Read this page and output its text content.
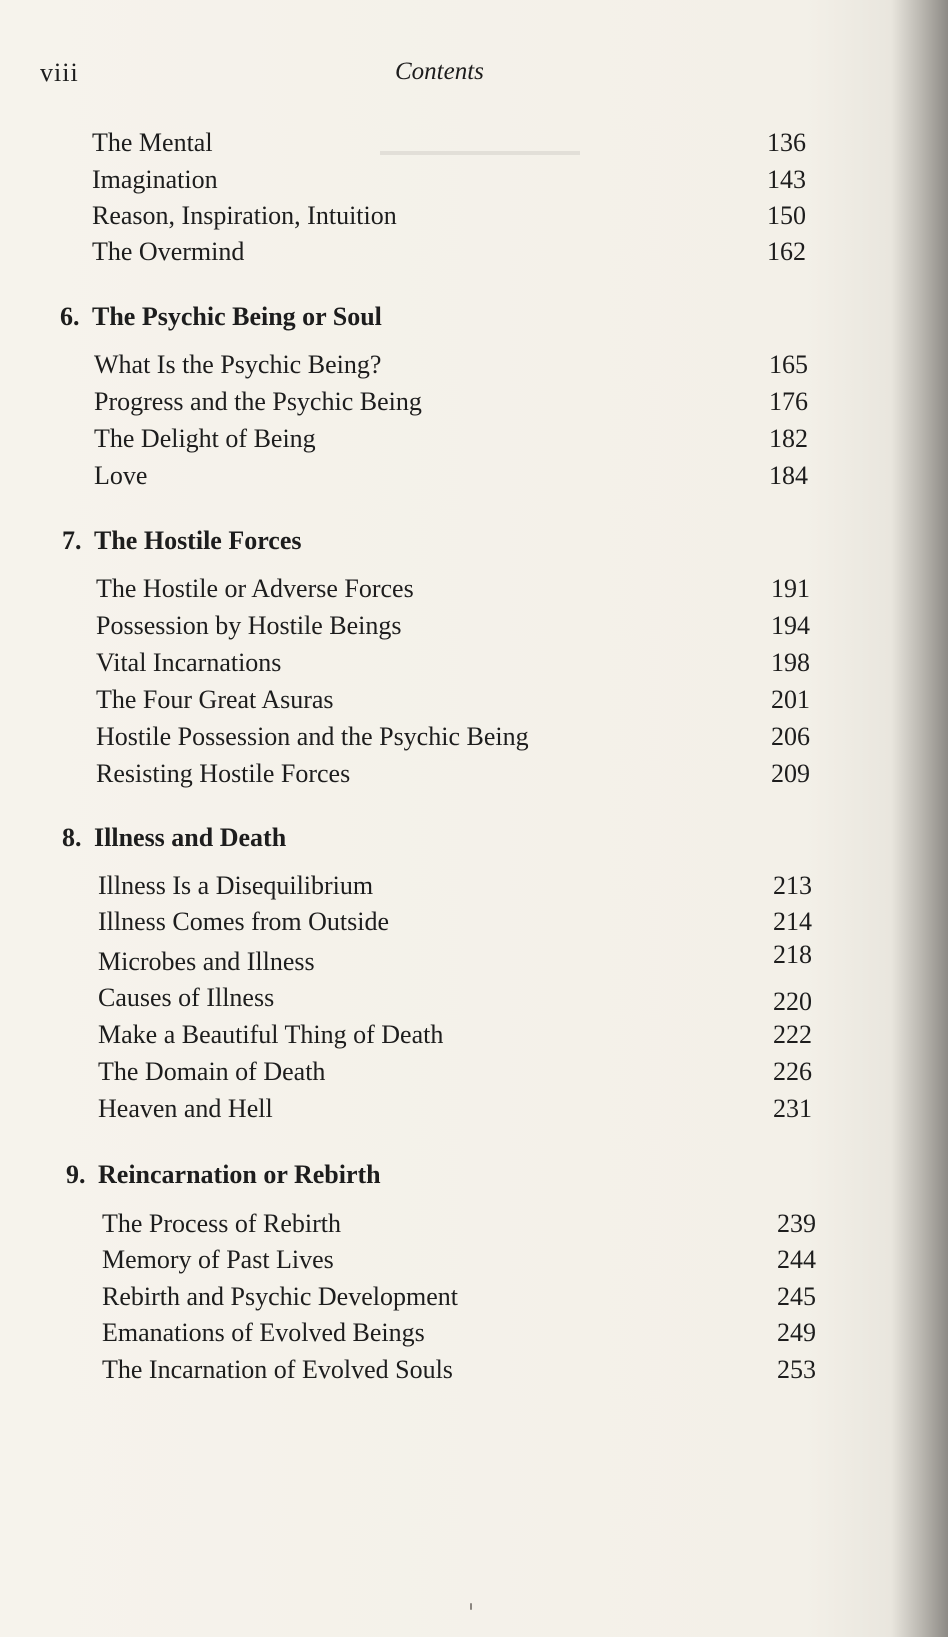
viii	Contents
The Mental	136
Imagination	143
Reason, Inspiration, Intuition	150
The Overmind	162
6. The Psychic Being or Soul
What Is the Psychic Being?	165
Progress and the Psychic Being	176
The Delight of Being	182
Love	184
7. The Hostile Forces
The Hostile or Adverse Forces	191
Possession by Hostile Beings	194
Vital Incarnations	198
The Four Great Asuras	201
Hostile Possession and the Psychic Being	206
Resisting Hostile Forces	209
8. Illness and Death
Illness Is a Disequilibrium	213
Illness Comes from Outside	214
Microbes and Illness	218
Causes of Illness	220
Make a Beautiful Thing of Death	222
The Domain of Death	226
Heaven and Hell	231
9. Reincarnation or Rebirth
The Process of Rebirth	239
Memory of Past Lives	244
Rebirth and Psychic Development	245
Emanations of Evolved Beings	249
The Incarnation of Evolved Souls	253
